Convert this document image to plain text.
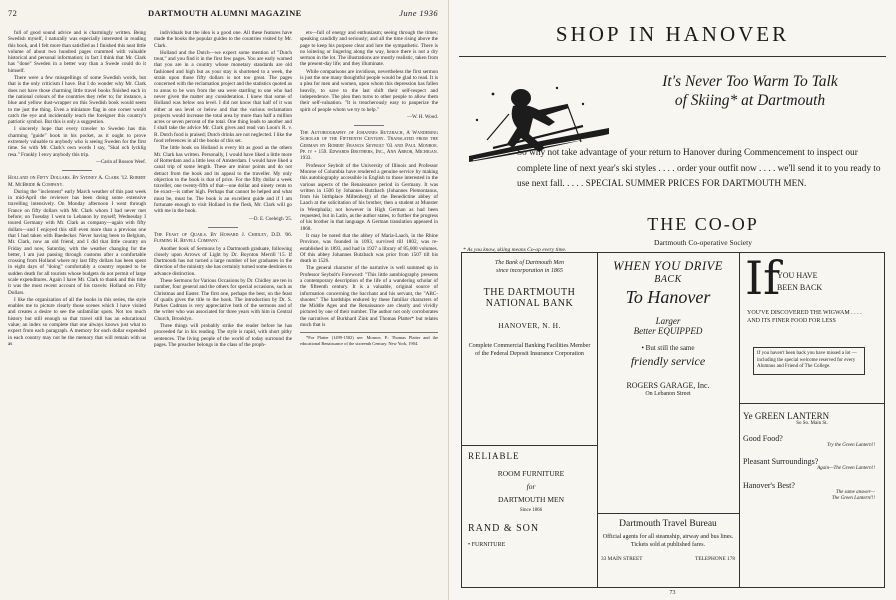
72	DARTMOUTH ALUMNI MAGAZINE	June 1936

full of good sound advice and is charmingly written. Being Swedish myself, I naturally was especially interested in reading this book, and I felt more than satisfied as I finished this neat little volume of about two hundred pages crammed with valuable historical and personal information; in fact I think that Mr. Clark has "done" Sweden in a better way than a Swede could do it himself.

There were a few misspellings of some Swedish words, but that is the only criticism I have. But I do wonder why Mr. Clark does not have those charming little travel books finished each in the national colours of the countries they refer to; for instance, a blue and yellow dust-wrapper on this Swedish book would seem to me just the thing. Even a miniature flag in one corner would catch the eye and incidentally teach the foreigner this country's patriotic symbol. But this is only a suggestion.

I sincerely hope that every traveler to Sweden has this charming "guide" book in his pocket, as it ought to prove extremely valuable to anybody who is seeing Sweden for the first time. So with Mr. Clark's own words I say, "Skal och lycklig resa." Frankly I envy anybody this trip.

—Carin af Rosson Weef.

Holland on Fifty Dollars. By Sydney A. Clark '12. Robert M. McBride & Company.

During the "inclement" early March weather of this past week in mid-April the reviewer has been doing some extensive travelling intensively. On Monday afternoon I went through France on fifty dollars with Mr. Clark whom I had never met before; on Tuesday I went to Lebanon by myself; Wednesday I toured Germany with Mr. Clark as company—again with fifty dollars—and I enjoyed this still even more than a previous one that I had taken with Baedecker. Never having been to Belgium, Mr. Clark, now an old friend, and I did that little country on Friday and now, Saturday, with the weather changing for the better, I am just passing through customs after a comfortable crossing from Holland where my last fifty dollars has been spent in eight days of "doing" comfortably a country reputed to be sudden death for all tourists whose budgets do not permit of large scale expenditures. Again I have Mr. Clark to thank and this time it was the most recent account of his travels: Holland on Fifty Dollars.

I like the organization of all the books in this series, the style enables me to picture clearly those scenes which I have visited and creates a desire to see the unfamiliar spots. Not too much history but still enough so that travel still has an educational value; an index so complete that one always knows just what to expect from each paragraph. A memory for each dollar expended in each country may not be the memory that will remain with us as

individuals but the idea is a good one. All these features have made the books the popular guides to the countries visited by Mr. Clark.

Holland and the Dutch—we expect some mention of "Dutch treat," and you find it in the first few pages. You are early warned that you are in a country whose monetary standards are old fashioned and high but as your stay is shortened to a week, the strain upon those fifty dollars is not too great. The pages concerned with the reclamation project and the statistics quoted as to areas to be won from the sea were startling to one who had never given the matter any consideration. I knew that some of Holland was below sea level. I did not know that half of it was either at sea level or below and that the various reclamation projects would increase the total area by more than half a million acres or seven percent of the total. One thing leads to another and I shall take the advice Mr. Clark gives and read van Loon's R. v. R. Dutch food is praised; Dutch drinks are not neglected. I like the food references in all the books of this set.

The little book on Holland is every bit as good as the others Mr. Clark has written. Personally, I would have liked a little more of Rotterdam and a little less of Amsterdam. I would have liked a canal trip of some length. These are minor points and do not detract from the book and its appeal to the traveller. My only objection to the book is that of price. For the fifty dollar a week traveller, one twenty-fifth of that—one dollar and ninety cents to be exact—is rather high. Perhaps that cannot be helped and what must be, must be. The book is an excellent guide and if I am fortunate enough to visit Holland in the flesh, Mr. Clark will go with me in the book.

—D. E. Coeleigh '25.

The Feast of Quails. By Howard J. Chidley, D.D. '06. Fleming H. Revell Company.

Another book of Sermons by a Dartmouth graduate, following closely upon Arrows of Light by Dr. Boynton Merrill '15. If Dartmouth has not turned a large number of her graduates in the direction of the ministry she has certainly turned some destinies to advance distinction.

These Sermons for Various Occasions by Dr. Chidley are ten in number, four general and the others for special occasions, such as Christmas and Easter. The first one, perhaps the best, on the feast of quails gives the title to the book. The introduction by Dr. S. Parkes Cadman is very appreciative both of the sermons and of the writer who was associated for three years with him in Central Church, Brooklyn.

Three things will probably strike the reader before he has proceeded far in his reading. The style is rapid, with short pithy sentences. The living people of the world of today surround the pages. The preacher belongs in the class of the proph-

ets—full of energy and enthusiasm; seeing through the times; speaking candidly and seriously; and all the time rising above the page to keep his purpose clear and lure the sympathetic. There is no loitering or lingering along the way, hence there is not a dry sermon in the lot. The illustrations are mostly realistic, taken from the present-day life; and they illuminate.

While comparisons are invidious, nevertheless the first sermon is just the one many thoughtful people would be glad to read. It is a plea for men and women, upon whom this depression has fallen heavily, to save to the last shift their self-respect and independence. The plea then turns to other people to allow them their self-valuation. "It is treacherously easy to pauperize the spirit of people whom we try to help."

—W. H. Wood.

The Autobiography of Johannes Butzbach, A Wandering Scholar of the Fifteenth Century. Translated from the German by Robert Francis Seybolt '03 and Paul Monroe. Pp. iv + 159. Edwards Brothers, Inc., Ann Arbor, Michigan. 1933.

Professor Seybolt of the University of Illinois and Professor Monroe of Columbia have rendered a genuine service by making this autobiography accessible in English to those interested in the various aspects of the Renaissance period in Germany. It was written in 1506 by Johannes Butzbach (Johannes Piemontanus, from his birthplace Miltenberg) of the Benedictine abbey of Laach at the solicitation of his brother, then a student at Munster in Westphalia; not however in High German as had been requested, but in Latin, as the author states, to further the progress of his brother in that language. A German translation appeared in 1868.

It may be noted that the abbey of Maria-Laach, in the Rhine Province, was founded in 1093, survived till 1802, was re-established in 1893, and had in 1927 a library of 85,000 volumes. Of this abbey Johannes Butzbach was prior from 1507 till his death in 1526.

The general character of the narrative is well summed up in Professor Seybolt's Foreword: "This little autobiography presents a contemporary description of the life of a wandering scholar of the fifteenth century. It is a valuable, original source of information concerning the bacchant and his servant, the "ABC-shooter." The hardships endured by these familiar characters of the Middle Ages and the Renaissance are clearly and vividly pictured by one of their number. The author not only corroborates the narratives of Burkhard Zink and Thomas Platter* but relates much that is

*For Platter (1499-1582) see: Monroe, P.: Thomas Platter and the educational Renaissance of the sixteenth Century. New York, 1904.

SHOP IN HANOVER
It's Never Too Warm To Talk
of Skiing* at Dartmouth
So why not take advantage of your return to Hanover during Commencement to inspect our complete line of next year's ski styles . . . . order your outfit now . . . . we'll send it to you ready to use next fall. . . . . SPECIAL SUMMER PRICES FOR DARTMOUTH MEN.
THE CO-OP
Dartmouth Co-operative Society
* As you know, skiing means Co-op every time.
The Bank of Dartmouth Men
since incorporation in 1865
THE DARTMOUTH
NATIONAL BANK
HANOVER, N. H.
Complete Commercial Banking Facilities Member of the Federal Deposit Insurance Corporation
WHEN YOU DRIVE
BACK
To Hanover
Larger
Better EQUIPPED
• But still the same
friendly service
ROGERS GARAGE, Inc.
On Lebanon Street
If
YOU HAVE
BEEN BACK
YOU'VE DISCOVERED THE WIGWAM . . . . AND ITS FINER FOOD FOR LESS
If you haven't been back you have missed a lot — including the special welcome reserved for every Alumnus and Friend of The College.
Ye GREEN LANTERN
So So. Main St.
Good Food?
Try the Green Lantern!!
Pleasant Surroundings?
Again—The Green Lantern!!
Hanover's Best?
The same answer—
The Green Lantern!!!
RELIABLE
ROOM FURNITURE
for
DARTMOUTH MEN
Since 1866
RAND & SON
• FURNITURE
Dartmouth Travel Bureau
Official agents for all steamship, airway and bus lines. Tickets sold at published fares.
33 MAIN STREET	TELEPHONE 178
73
